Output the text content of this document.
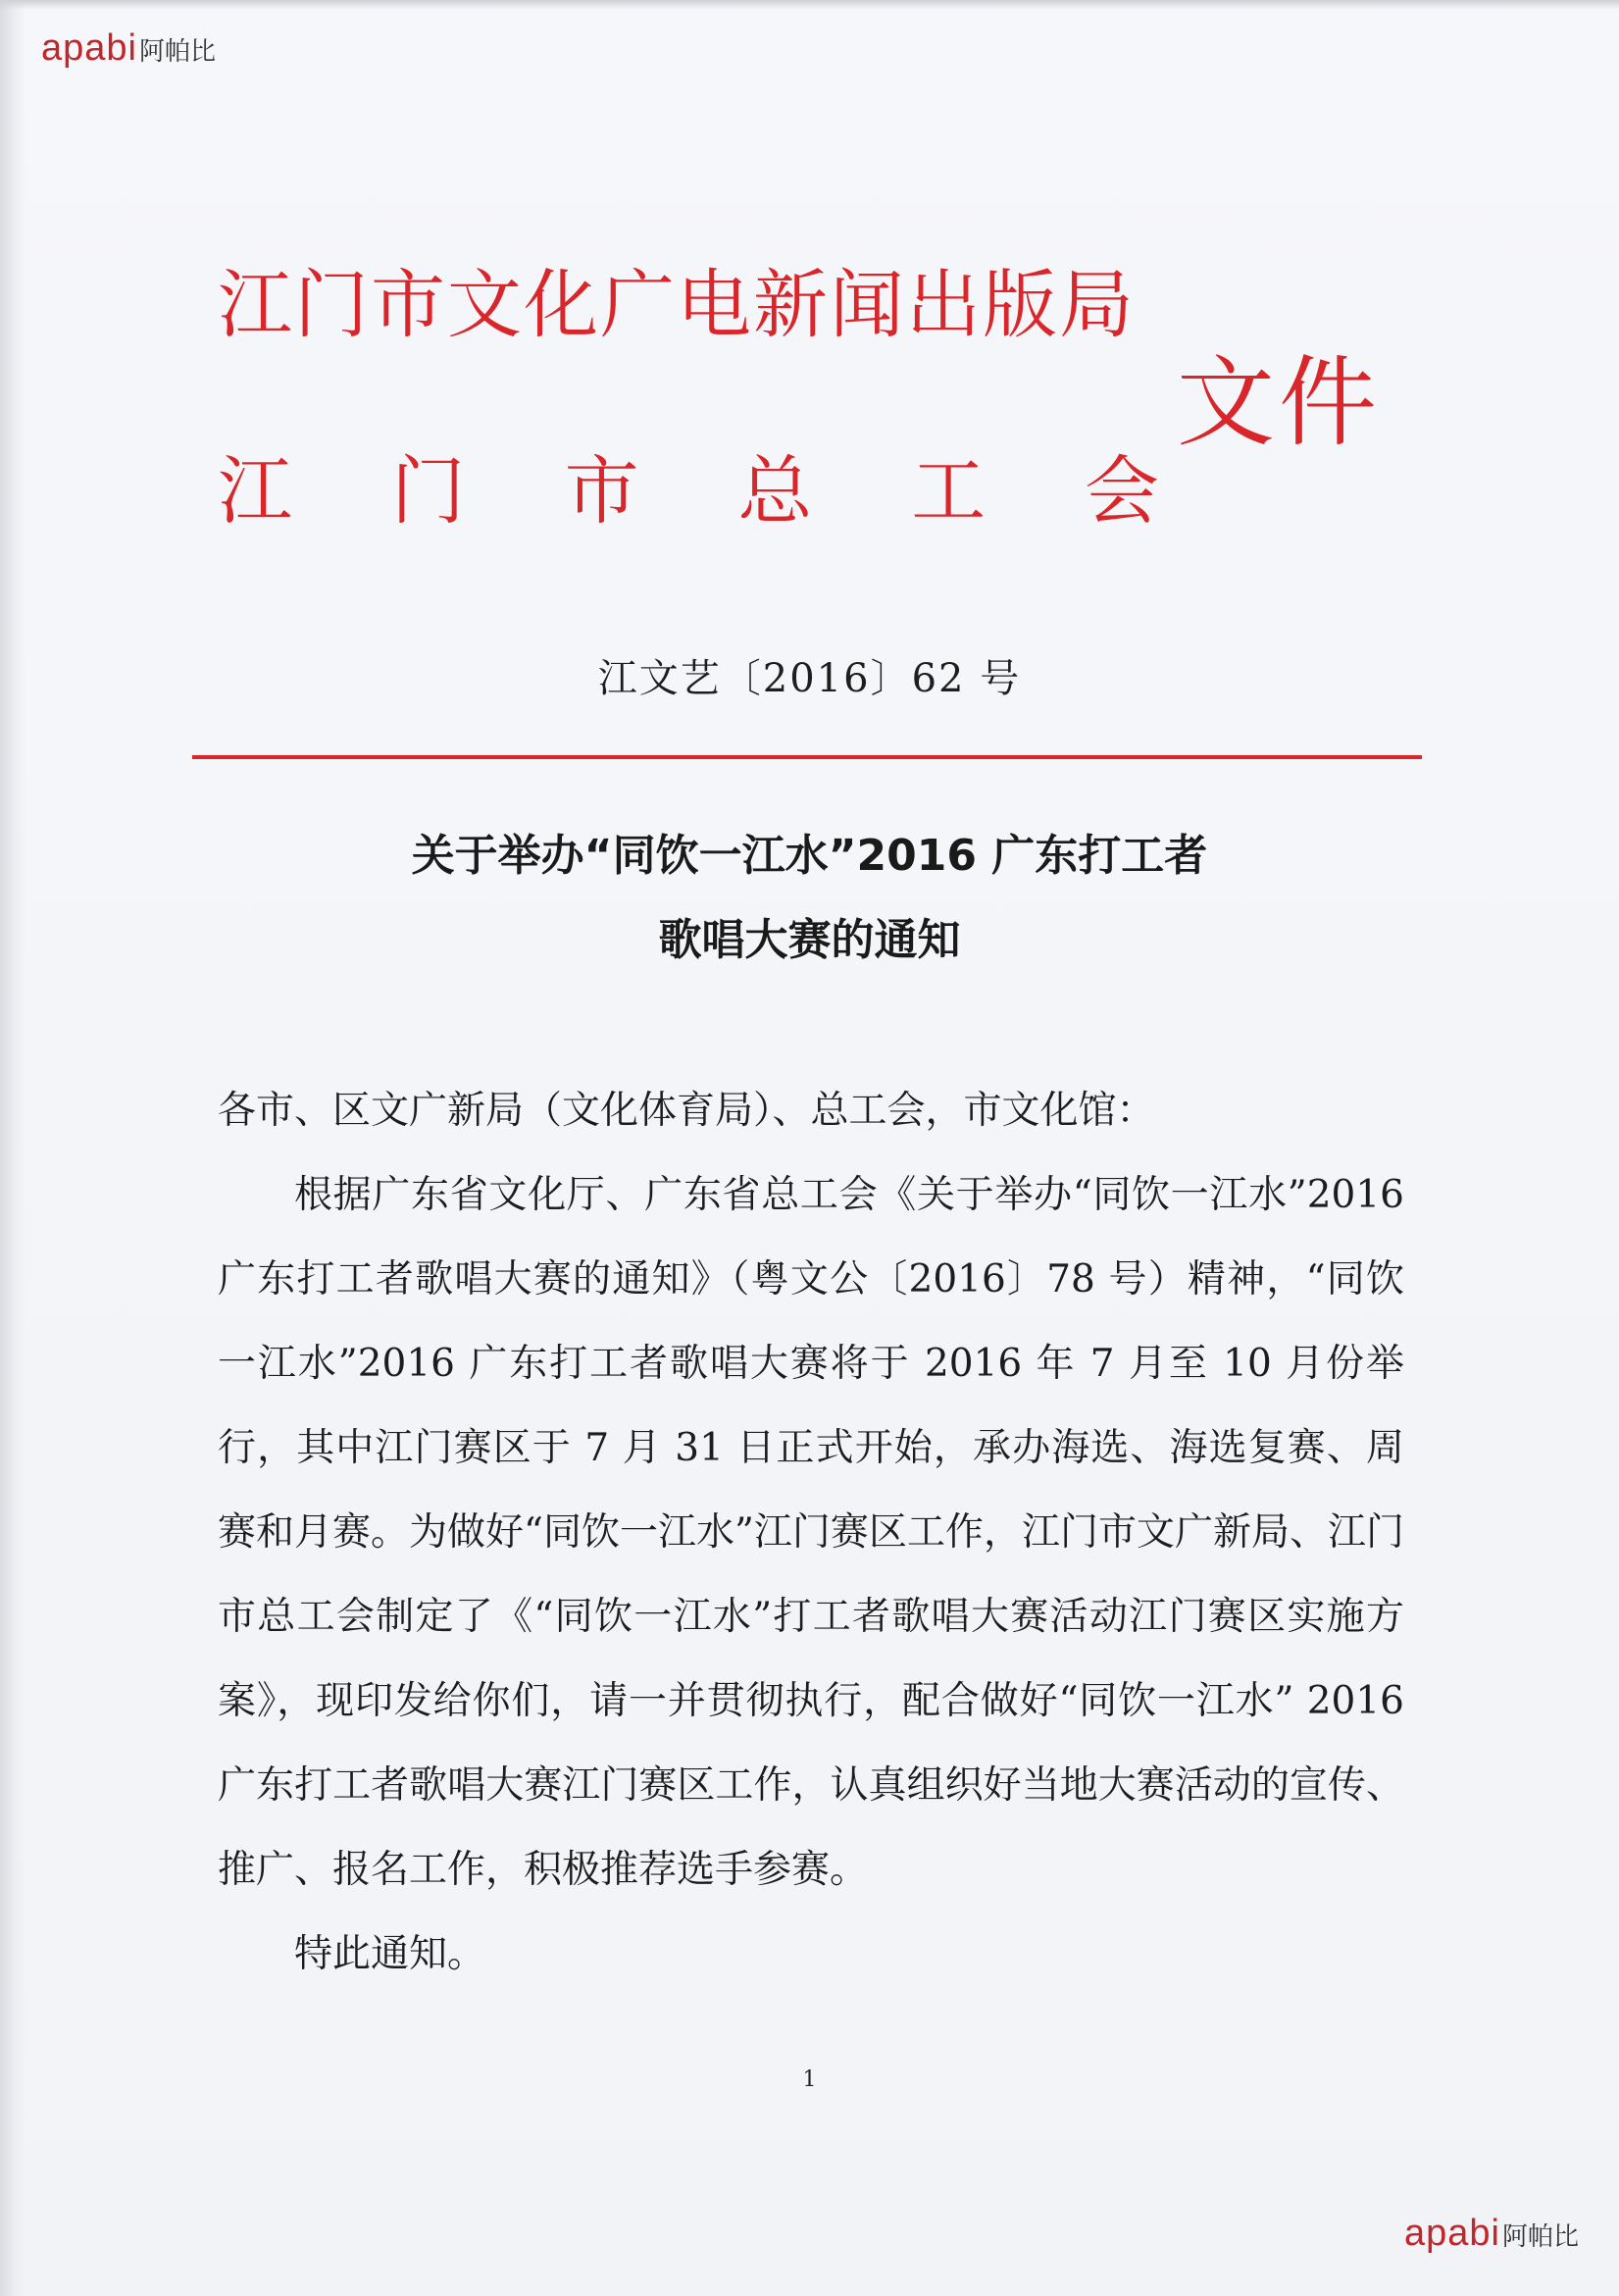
apabi 阿帕比
江门市文化广电新闻出版局
江 门 市 总 工 会
文件
江文艺〔2016〕62 号
关于举办“同饮一江水”2016 广东打工者
歌唱大赛的通知

各市、区文广新局（文化体育局）、总工会，市文化馆：

根据广东省文化厅、广东省总工会《关于举办“同饮一江水”2016 广东打工者歌唱大赛的通知》（粤文公〔2016〕78 号）精神，“同饮一江水”2016 广东打工者歌唱大赛将于 2016 年 7 月至 10 月份举行，其中江门赛区于 7 月 31 日正式开始，承办海选、海选复赛、周赛和月赛。为做好“同饮一江水”江门赛区工作，江门市文广新局、江门市总工会制定了《“同饮一江水”打工者歌唱大赛活动江门赛区实施方案》，现印发给你们，请一并贯彻执行，配合做好“同饮一江水” 2016 广东打工者歌唱大赛江门赛区工作，认真组织好当地大赛活动的宣传、推广、报名工作，积极推荐选手参赛。

特此通知。

1
apabi 阿帕比
